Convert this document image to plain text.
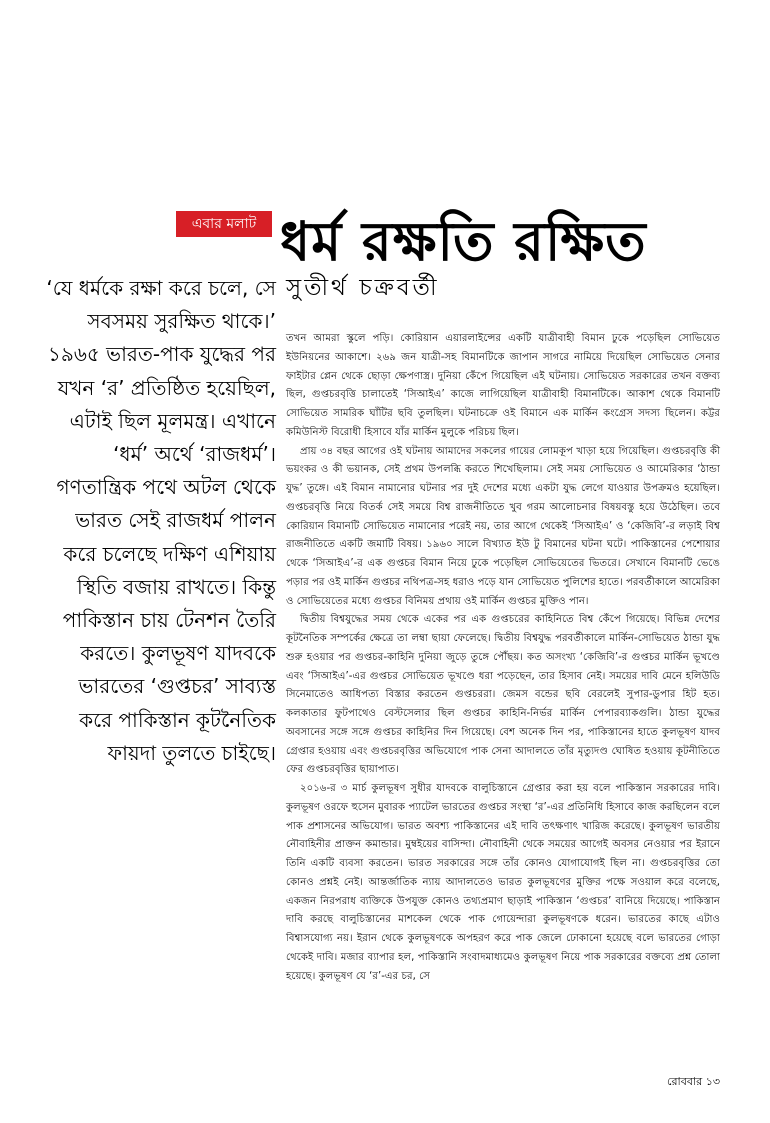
এবার মলাট ধর্ম রক্ষতি রক্ষিত
সুতীর্থ চক্রবর্তী
‘যে ধর্মকে রক্ষা করে চলে, সে সবসময় সুরক্ষিত থাকে।’ ১৯৬৫ ভারত-পাক যুদ্ধের পর যখন ‘র’ প্রতিষ্ঠিত হয়েছিল, এটাই ছিল মূলমন্ত্র। এখানে ‘ধর্ম’ অর্থে ‘রাজধর্ম’। গণতান্ত্রিক পথে অটল থেকে ভারত সেই রাজধর্ম পালন করে চলেছে দক্ষিণ এশিয়ায় স্থিতি বজায় রাখতে। কিন্তু পাকিস্তান চায় টেনশন তৈরি করতে। কুলভূষণ যাদবকে ভারতের ‘গুপ্তচর’ সাব্যস্ত করে পাকিস্তান কূটনৈতিক ফায়দা তুলতে চাইছে।

তখন আমরা স্কুলে পড়ি। কোরিয়ান এয়ারলাইন্সের একটি যাত্রীবাহী বিমান ঢুকে পড়েছিল সোভিয়েত ইউনিয়নের আকাশে। ২৬৯ জন যাত্রী-সহ বিমানটিকে জাপান সাগরে নামিয়ে দিয়েছিল সোভিয়েত সেনার ফাইটার প্লেন থেকে ছোড়া ক্ষেপণাস্ত্র। দুনিয়া কেঁপে গিয়েছিল এই ঘটনায়। সোভিয়েত সরকারের তখন বক্তব্য ছিল, গুপ্তচরবৃত্তি চালাতেই ‘সিআইএ’ কাজে লাগিয়েছিল যাত্রীবাহী বিমানটিকে। আকাশ থেকে বিমানটি সোভিয়েত সামরিক ঘাঁটির ছবি তুলছিল। ঘটনাচক্রে ওই বিমানে এক মার্কিন কংগ্রেস সদস্য ছিলেন। কট্টর কমিউনিস্ট বিরোধী হিসাবে যাঁর মার্কিন মুলুকে পরিচয় ছিল।

প্রায় ৩৪ বছর আগের ওই ঘটনায় আমাদের সকলের গায়ের লোমকূপ খাড়া হয়ে গিয়েছিল। গুপ্তচরবৃত্তি কী ভয়ংকর ও কী ভয়ানক, সেই প্রথম উপলব্ধি করতে শিখেছিলাম। সেই সময় সোভিয়েত ও আমেরিকার ‘ঠান্ডা যুদ্ধ’ তুঙ্গে। এই বিমান নামানোর ঘটনার পর দুই দেশের মধ্যে একটা যুদ্ধ লেগে যাওয়ার উপক্রমও হয়েছিল। গুপ্তচরবৃত্তি নিয়ে বিতর্ক সেই সময়ে বিশ্ব রাজনীতিতে খুব গরম আলোচনার বিষয়বস্তু হয়ে উঠেছিল। তবে কোরিয়ান বিমানটি সোভিয়েত নামানোর পরেই নয়, তার আগে থেকেই ‘সিআইএ’ ও ‘কেজিবি’-র লড়াই বিশ্ব রাজনীতিতে একটি জমাটি বিষয়। ১৯৬০ সালে বিখ্যাত ইউ টু বিমানের ঘটনা ঘটে। পাকিস্তানের পেশোয়ার থেকে ‘সিআইএ’-র এক গুপ্তচর বিমান নিয়ে ঢুকে পড়েছিল সোভিয়েতের ভিতরে। সেখানে বিমানটি ভেঙে পড়ার পর ওই মার্কিন গুপ্তচর নথিপত্র-সহ ধরাও পড়ে যান সোভিয়েত পুলিশের হাতে। পরবর্তীকালে আমেরিকা ও সোভিয়েতের মধ্যে গুপ্তচর বিনিময় প্রথায় ওই মার্কিন গুপ্তচর মুক্তিও পান।

দ্বিতীয় বিশ্বযুদ্ধের সময় থেকে একের পর এক গুপ্তচরের কাহিনিতে বিশ্ব কেঁপে গিয়েছে। বিভিন্ন দেশের কূটনৈতিক সম্পর্কের ক্ষেত্রে তা লম্বা ছায়া ফেলেছে। দ্বিতীয় বিশ্বযুদ্ধ পরবর্তীকালে মার্কিন-সোভিয়েত ঠান্ডা যুদ্ধ শুরু হওয়ার পর গুপ্তচর-কাহিনি দুনিয়া জুড়ে তুঙ্গে পৌঁছয়। কত অসংখ্য ‘কেজিবি’-র গুপ্তচর মার্কিন ভূখণ্ডে এবং ‘সিআইএ’-এর গুপ্তচর সোভিয়েত ভূখণ্ডে ধরা পড়েছেন, তার হিসাব নেই। সময়ের দাবি মেনে হলিউডি সিনেমাতেও আধিপত্য বিস্তার করতেন গুপ্তচররা। জেমস বন্ডের ছবি বেরলেই সুপার-ডুপার হিট হত। কলকাতার ফুটপাথেও বেস্টসেলার ছিল গুপ্তচর কাহিনি-নির্ভর মার্কিন পেপারব্যাকগুলি। ঠান্ডা যুদ্ধের অবসানের সঙ্গে সঙ্গে গুপ্তচর কাহিনির দিন গিয়েছে। বেশ অনেক দিন পর, পাকিস্তানের হাতে কুলভূষণ যাদব গ্রেপ্তার হওয়ায় এবং গুপ্তচরবৃত্তির অভিযোগে পাক সেনা আদালতে তাঁর মৃত্যুদণ্ড ঘোষিত হওয়ায় কূটনীতিতে ফের গুপ্তচরবৃত্তির ছায়াপাত।

২০১৬-র ৩ মার্চ কুলভূষণ সুধীর যাদবকে বালুচিস্তানে গ্রেপ্তার করা হয় বলে পাকিস্তান সরকারের দাবি। কুলভূষণ ওরফে হুসেন মুবারক প্যাটেল ভারতের গুপ্তচর সংস্থা ‘র’-এর প্রতিনিধি হিসাবে কাজ করছিলেন বলে পাক প্রশাসনের অভিযোগ। ভারত অবশ্য পাকিস্তানের এই দাবি তৎক্ষণাৎ খারিজ করেছে। কুলভূষণ ভারতীয় নৌবাহিনীর প্রাক্তন কমান্ডার। মুম্বইয়ের বাসিন্দা। নৌবাহিনী থেকে সময়ের আগেই অবসর নেওয়ার পর ইরানে তিনি একটি ব্যবসা করতেন। ভারত সরকারের সঙ্গে তাঁর কোনও যোগাযোগই ছিল না। গুপ্তচরবৃত্তির তো কোনও প্রশ্নই নেই। আন্তর্জাতিক ন্যায় আদালতেও ভারত কুলভূষণের মুক্তির পক্ষে সওয়াল করে বলেছে, একজন নিরপরাধ ব্যক্তিকে উপযুক্ত কোনও তথ্যপ্রমাণ ছাড়াই পাকিস্তান ‘গুপ্তচর’ বানিয়ে দিয়েছে। পাকিস্তান দাবি করছে বালুচিস্তানের মাশকেল থেকে পাক গোয়েন্দারা কুলভূষণকে ধরেন। ভারতের কাছে এটাও বিশ্বাসযোগ্য নয়। ইরান থেকে কুলভূষণকে অপহরণ করে পাক জেলে ঢোকানো হয়েছে বলে ভারতের গোড়া থেকেই দাবি। মজার ব্যাপার হল, পাকিস্তানি সংবাদমাধ্যমেও কুলভূষণ নিয়ে পাক সরকারের বক্তব্যে প্রশ্ন তোলা হয়েছে। কুলভূষণ যে ‘র’-এর চর, সে

রোববার ১৩
